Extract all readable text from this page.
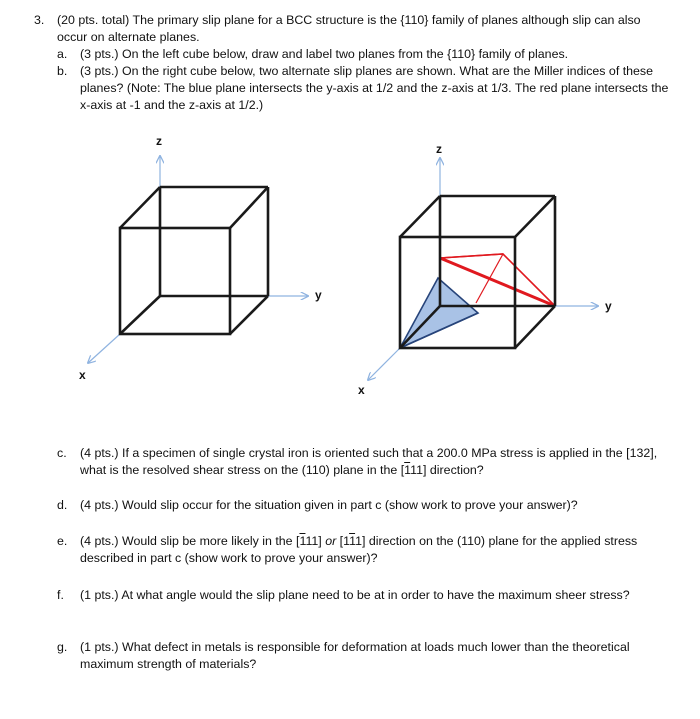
3. (20 pts. total) The primary slip plane for a BCC structure is the {110} family of planes although slip can also occur on alternate planes.
a. (3 pts.) On the left cube below, draw and label two planes from the {110} family of planes.
b. (3 pts.) On the right cube below, two alternate slip planes are shown. What are the Miller indices of these planes? (Note: The blue plane intersects the y-axis at 1/2 and the z-axis at 1/3. The red plane intersects the x-axis at -1 and the z-axis at 1/2.)
z
y
x
z
y
x
c. (4 pts.) If a specimen of single crystal iron is oriented such that a 200.0 MPa stress is applied in the [132], what is the resolved shear stress on the (110) plane in the [111] direction?
d. (4 pts.) Would slip occur for the situation given in part c (show work to prove your answer)?
e. (4 pts.) Would slip be more likely in the [111] or [111] direction on the (110) plane for the applied stress described in part c (show work to prove your answer)?
f. (1 pts.) At what angle would the slip plane need to be at in order to have the maximum sheer stress?
g. (1 pts.) What defect in metals is responsible for deformation at loads much lower than the theoretical maximum strength of materials?
